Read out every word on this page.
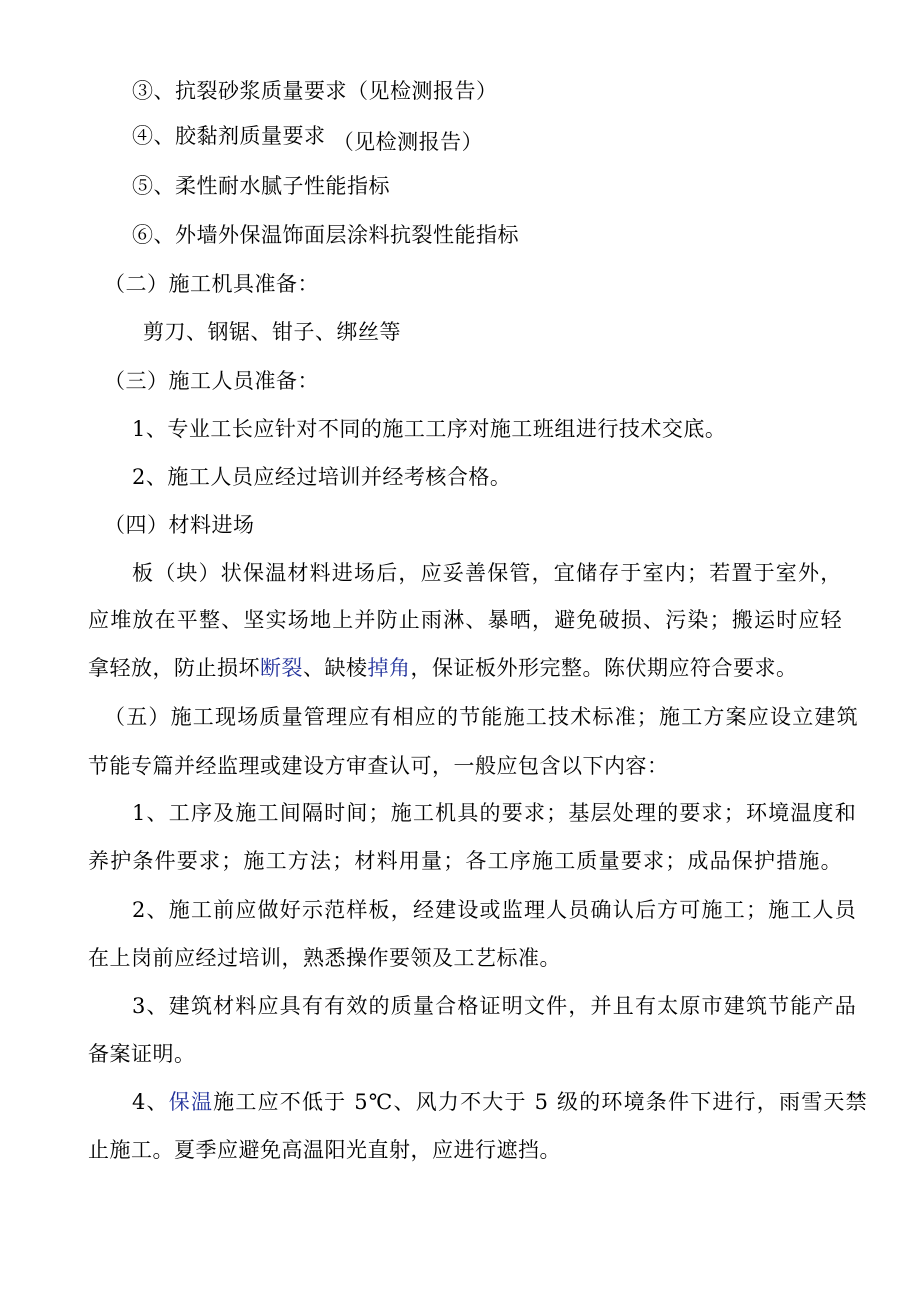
③、抗裂砂浆质量要求（见检测报告）
④、胶黏剂质量要求 （见检测报告）
⑤、柔性耐水腻子性能指标
⑥、外墙外保温饰面层涂料抗裂性能指标
（二）施工机具准备：
剪刀、钢锯、钳子、绑丝等
（三）施工人员准备：
1、专业工长应针对不同的施工工序对施工班组进行技术交底。
2、施工人员应经过培训并经考核合格。
（四）材料进场
板（块）状保温材料进场后，应妥善保管，宜储存于室内；若置于室外，
应堆放在平整、坚实场地上并防止雨淋、暴晒，避免破损、污染；搬运时应轻
拿轻放，防止损坏断裂、缺棱掉角，保证板外形完整。陈伏期应符合要求。
（五）施工现场质量管理应有相应的节能施工技术标准；施工方案应设立建筑
节能专篇并经监理或建设方审查认可，一般应包含以下内容：
1、工序及施工间隔时间；施工机具的要求；基层处理的要求；环境温度和
养护条件要求；施工方法；材料用量；各工序施工质量要求；成品保护措施。
2、施工前应做好示范样板，经建设或监理人员确认后方可施工；施工人员
在上岗前应经过培训，熟悉操作要领及工艺标准。
3、建筑材料应具有有效的质量合格证明文件，并且有太原市建筑节能产品
备案证明。
4、保温施工应不低于 5℃、风力不大于 5 级的环境条件下进行，雨雪天禁
止施工。夏季应避免高温阳光直射，应进行遮挡。
